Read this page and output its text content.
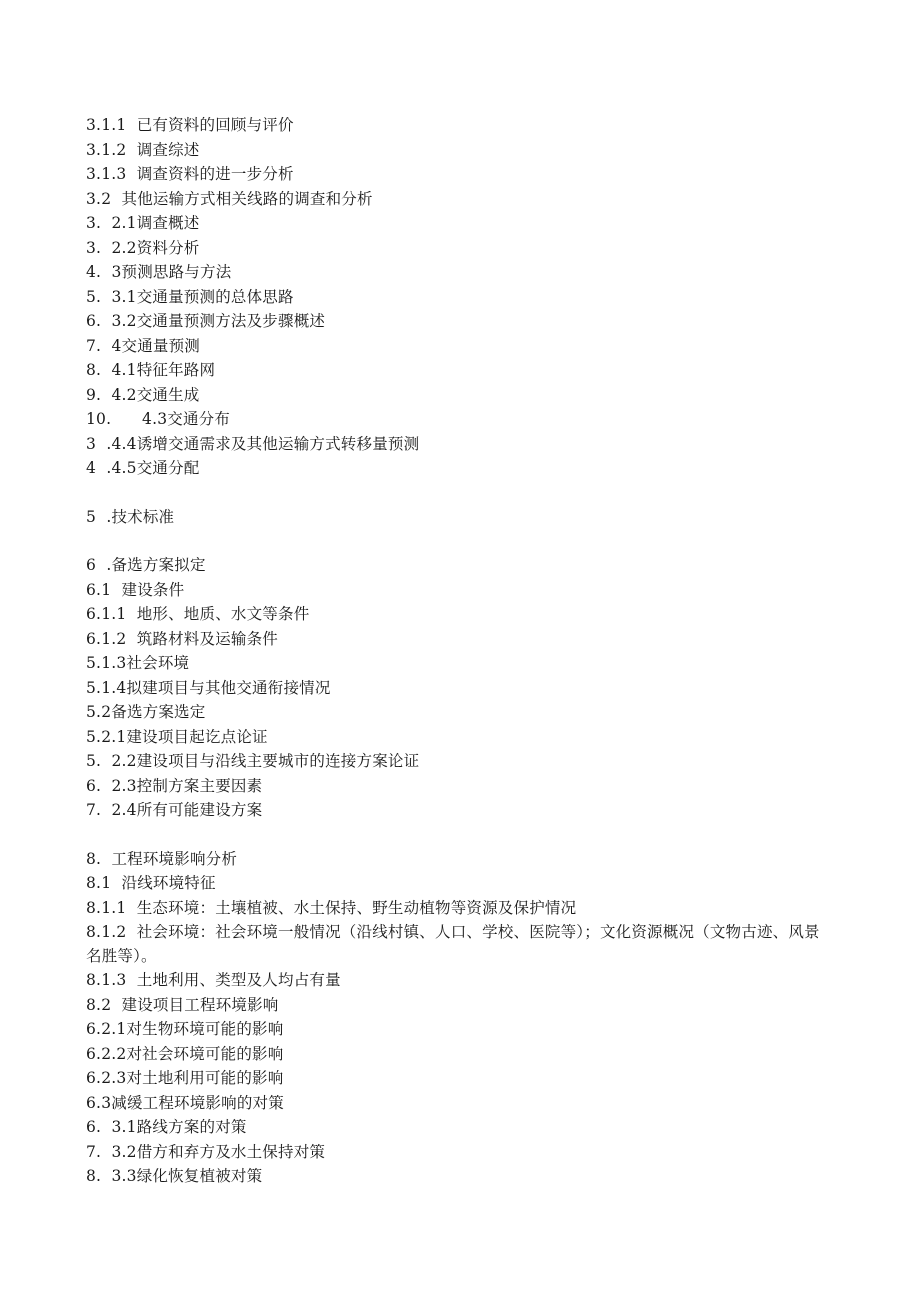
3.1.1  已有资料的回顾与评价
3.1.2  调查综述
3.1.3  调查资料的进一步分析
3.2  其他运输方式相关线路的调查和分析
3.  2.1调查概述
3.  2.2资料分析
4.  3预测思路与方法
5.  3.1交通量预测的总体思路
6.  3.2交通量预测方法及步骤概述
7.  4交通量预测
8.  4.1特征年路网
9.  4.2交通生成
10.      4.3交通分布
3  .4.4诱增交通需求及其他运输方式转移量预测
4  .4.5交通分配
5  .技术标准
6  .备选方案拟定
6.1  建设条件
6.1.1  地形、地质、水文等条件
6.1.2  筑路材料及运输条件
5.1.3社会环境
5.1.4拟建项目与其他交通衔接情况
5.2备选方案选定
5.2.1建设项目起讫点论证
5.  2.2建设项目与沿线主要城市的连接方案论证
6.  2.3控制方案主要因素
7.  2.4所有可能建设方案
8.  工程环境影响分析
8.1  沿线环境特征
8.1.1  生态环境：土壤植被、水土保持、野生动植物等资源及保护情况
8.1.2  社会环境：社会环境一般情况（沿线村镇、人口、学校、医院等）；文化资源概况（文物古迹、风景名胜等）。
8.1.3  土地利用、类型及人均占有量
8.2  建设项目工程环境影响
6.2.1对生物环境可能的影响
6.2.2对社会环境可能的影响
6.2.3对土地利用可能的影响
6.3减缓工程环境影响的对策
6.  3.1路线方案的对策
7.  3.2借方和弃方及水土保持对策
8.  3.3绿化恢复植被对策
